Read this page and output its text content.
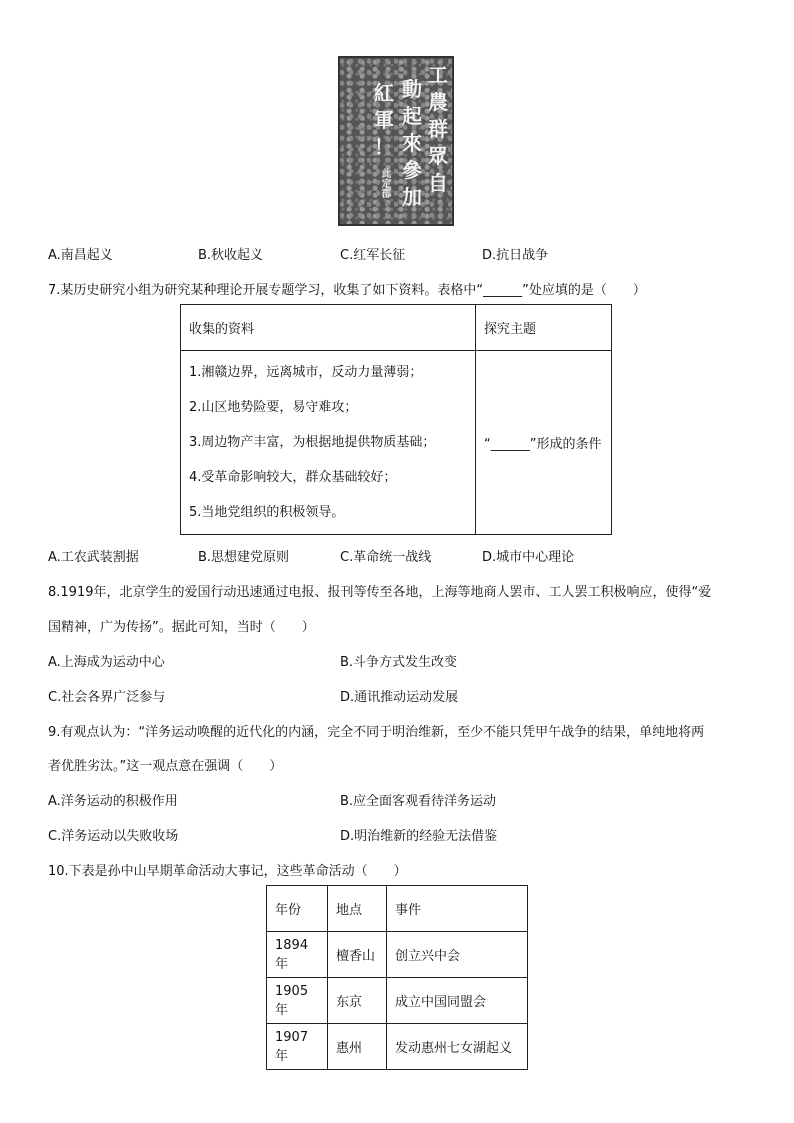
工
農
群
眾
自
動
起
來
參
加
紅
軍
！
此定郡
A.南昌起义	B.秋收起义	C.红军长征	D.抗日战争
7.某历史研究小组为研究某种理论开展专题学习，收集了如下资料。表格中“______”处应填的是（　　）
收集的资料	探究主题

1.湘赣边界，远离城市，反动力量薄弱；
2.山区地势险要，易守难攻；
3.周边物产丰富，为根据地提供物质基础；
4.受革命影响较大，群众基础较好；
5.当地党组织的积极领导。	“______”形成的条件
A.工农武装割据	B.思想建党原则	C.革命统一战线	D.城市中心理论
8.1919年，北京学生的爱国行动迅速通过电报、报刊等传至各地，上海等地商人罢市、工人罢工积极响应，使得“爱
国精神，广为传扬”。据此可知，当时（　　）
A.上海成为运动中心	B.斗争方式发生改变
C.社会各界广泛参与	D.通讯推动运动发展
9.有观点认为：“洋务运动唤醒的近代化的内涵，完全不同于明治维新，至少不能只凭甲午战争的结果，单纯地将两
者优胜劣汰。”这一观点意在强调（　　）
A.洋务运动的积极作用	B.应全面客观看待洋务运动
C.洋务运动以失败收场	D.明治维新的经验无法借鉴
10.下表是孙中山早期革命活动大事记，这些革命活动（　　）
年份	地点	事件
1894 年	檀香山	创立兴中会
1905 年	东京	成立中国同盟会
1907 年	惠州	发动惠州七女湖起义
